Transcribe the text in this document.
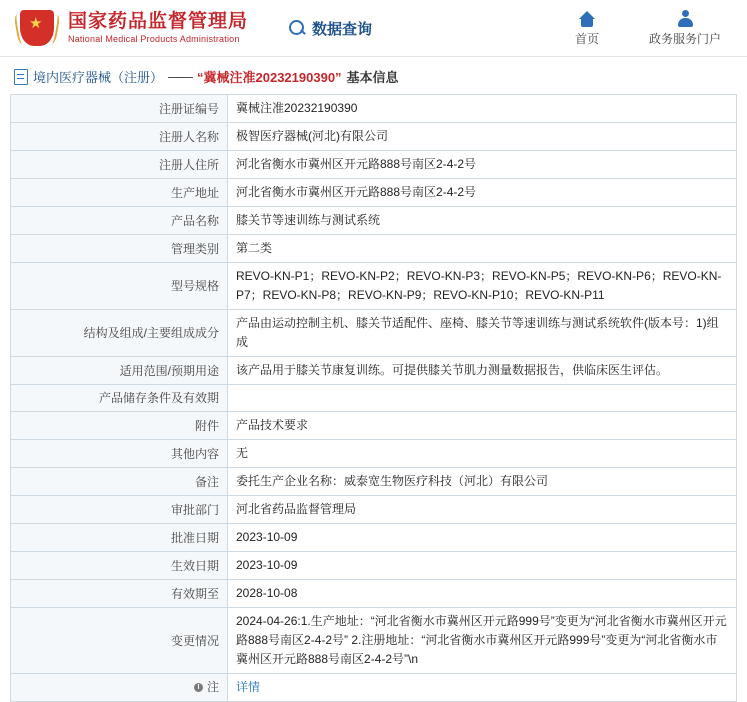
★ 国家药品监督管理局
National Medical Products Administration
数据查询
首页	政务服务门户
境内医疗器械（注册） —— “冀械注准20232190390” 基本信息
注册证编号	冀械注准20232190390
注册人名称	极智医疗器械(河北)有限公司
注册人住所	河北省衡水市冀州区开元路888号南区2-4-2号
生产地址	河北省衡水市冀州区开元路888号南区2-4-2号
产品名称	膝关节等速训练与测试系统
管理类别	第二类
型号规格	REVO-KN-P1；REVO-KN-P2；REVO-KN-P3；REVO-KN-P5；REVO-KN-P6；REVO-KN-P7；REVO-KN-P8；REVO-KN-P9；REVO-KN-P10；REVO-KN-P11
结构及组成/主要组成成分	产品由运动控制主机、膝关节适配件、座椅、膝关节等速训练与测试系统软件(版本号：1)组成
适用范围/预期用途	该产品用于膝关节康复训练。可提供膝关节肌力测量数据报告，供临床医生评估。
产品储存条件及有效期	
附件	产品技术要求
其他内容	无
备注	委托生产企业名称：威泰宽生物医疗科技（河北）有限公司
审批部门	河北省药品监督管理局
批准日期	2023-10-09
生效日期	2023-10-09
有效期至	2028-10-08
变更情况	2024-04-26:1.生产地址：“河北省衡水市冀州区开元路999号”变更为“河北省衡水市冀州区开元路888号南区2-4-2号” 2.注册地址：“河北省衡水市冀州区开元路999号”变更为“河北省衡水市冀州区开元路888号南区2-4-2号”\n

注	详情
